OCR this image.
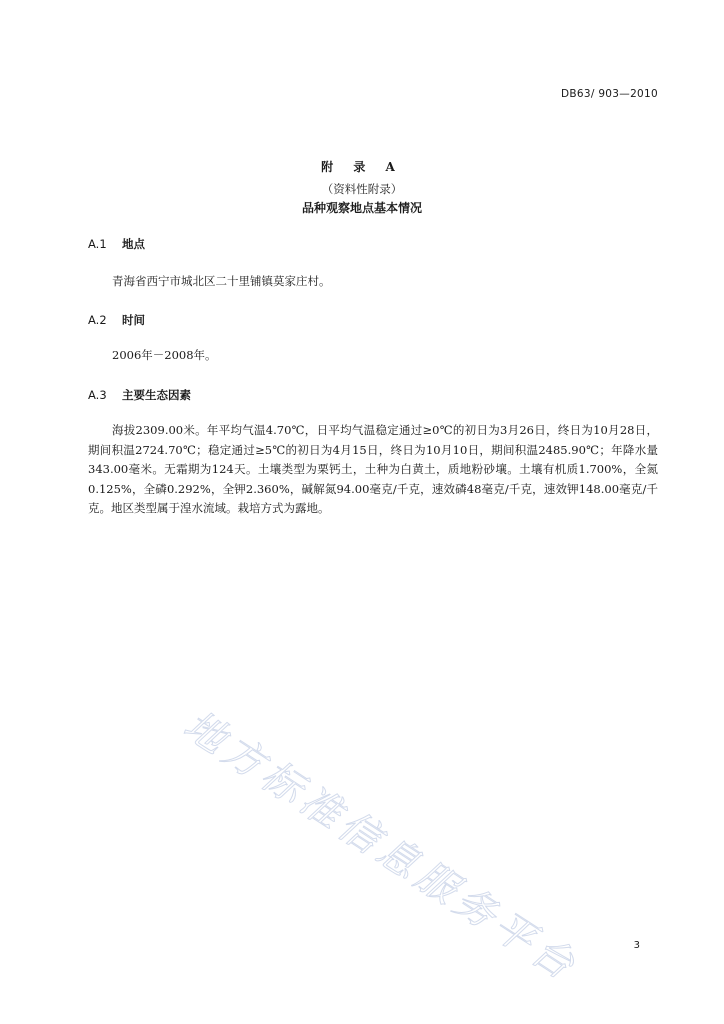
DB63/ 903—2010
附 录 A
（资料性附录）
品种观察地点基本情况
A.1 地点
青海省西宁市城北区二十里铺镇莫家庄村。
A.2 时间
2006年－2008年。
A.3 主要生态因素
海拔2309.00米。年平均气温4.70℃，日平均气温稳定通过≥0℃的初日为3月26日，终日为10月28日，期间积温2724.70℃；稳定通过≥5℃的初日为4月15日，终日为10月10日，期间积温2485.90℃；年降水量343.00毫米。无霜期为124天。土壤类型为栗钙土，土种为白黄土，质地粉砂壤。土壤有机质1.700%，全氮0.125%，全磷0.292%，全钾2.360%，碱解氮94.00毫克/千克，速效磷48毫克/千克，速效钾148.00毫克/千克。地区类型属于湟水流域。栽培方式为露地。
地方标准信息服务平台	3
